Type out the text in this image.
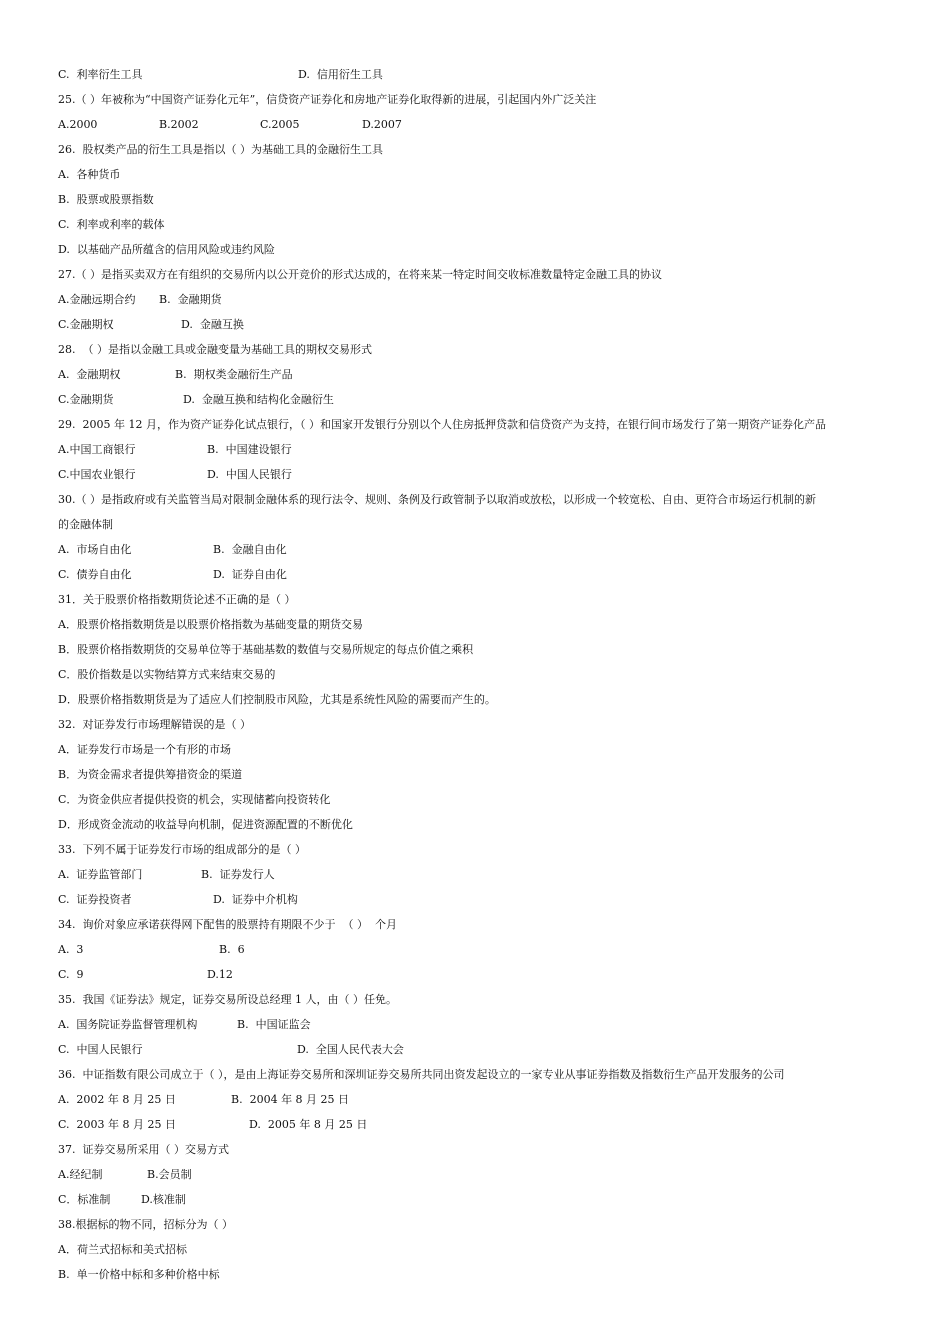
C.  利率衍生工具	D.  信用衍生工具
25.（ ）年被称为“中国资产证券化元年”，信贷资产证券化和房地产证券化取得新的进展，引起国内外广泛关注
A.2000	B.2002	C.2005	D.2007
26.  股权类产品的衍生工具是指以（ ）为基础工具的金融衍生工具
A.  各种货币
B.  股票或股票指数
C.  利率或利率的载体
D.  以基础产品所蕴含的信用风险或违约风险
27.（ ）是指买卖双方在有组织的交易所内以公开竞价的形式达成的，在将来某一特定时间交收标准数量特定金融工具的协议
A.金融远期合约	B.  金融期货
C.金融期权	D.  金融互换
28.  （ ）是指以金融工具或金融变量为基础工具的期权交易形式
A.  金融期权	B.  期权类金融衍生产品
C.金融期货	D.  金融互换和结构化金融衍生
29.  2005 年 12 月，作为资产证券化试点银行，（ ）和国家开发银行分别以个人住房抵押贷款和信贷资产为支持，在银行间市场发行了第一期资产证券化产品
A.中国工商银行	B.  中国建设银行
C.中国农业银行	D.  中国人民银行
30.（ ）是指政府或有关监管当局对限制金融体系的现行法令、规则、条例及行政管制予以取消或放松，以形成一个较宽松、自由、更符合市场运行机制的新
的金融体制
A.  市场自由化	B.  金融自由化
C.  债券自由化	D.  证券自由化
31．关于股票价格指数期货论述不正确的是（ ）
A．股票价格指数期货是以股票价格指数为基础变量的期货交易
B．股票价格指数期货的交易单位等于基础基数的数值与交易所规定的每点价值之乘积
C．股价指数是以实物结算方式来结束交易的
D．股票价格指数期货是为了适应人们控制股市风险，尤其是系统性风险的需要而产生的。
32.  对证券发行市场理解错误的是（ ）
A．证券发行市场是一个有形的市场
B．为资金需求者提供筹措资金的渠道
C．为资金供应者提供投资的机会，实现储蓄向投资转化
D．形成资金流动的收益导向机制，促进资源配置的不断优化
33.  下列不属于证券发行市场的组成部分的是（ ）
A.  证券监管部门	B.  证券发行人
C.  证券投资者	D.  证券中介机构
34.  询价对象应承诺获得网下配售的股票持有期限不少于  （ ）  个月
A.  3	B.  6
C.  9	D.12
35.  我国《证券法》规定，证券交易所设总经理 1 人，由（ ）任免。
A.  国务院证券监督管理机构	B.  中国证监会
C.  中国人民银行	D.  全国人民代表大会
36.  中证指数有限公司成立于（ ），是由上海证券交易所和深圳证券交易所共同出资发起设立的一家专业从事证券指数及指数衍生产品开发服务的公司
A.  2002 年 8 月 25 日	B.  2004 年 8 月 25 日
C.  2003 年 8 月 25 日	D.  2005 年 8 月 25 日
37.  证券交易所采用（ ）交易方式
A.经纪制	B.会员制
C．标准制	D.核准制
38.根据标的物不同，招标分为（ ）
A．荷兰式招标和美式招标
B.  单一价格中标和多种价格中标
